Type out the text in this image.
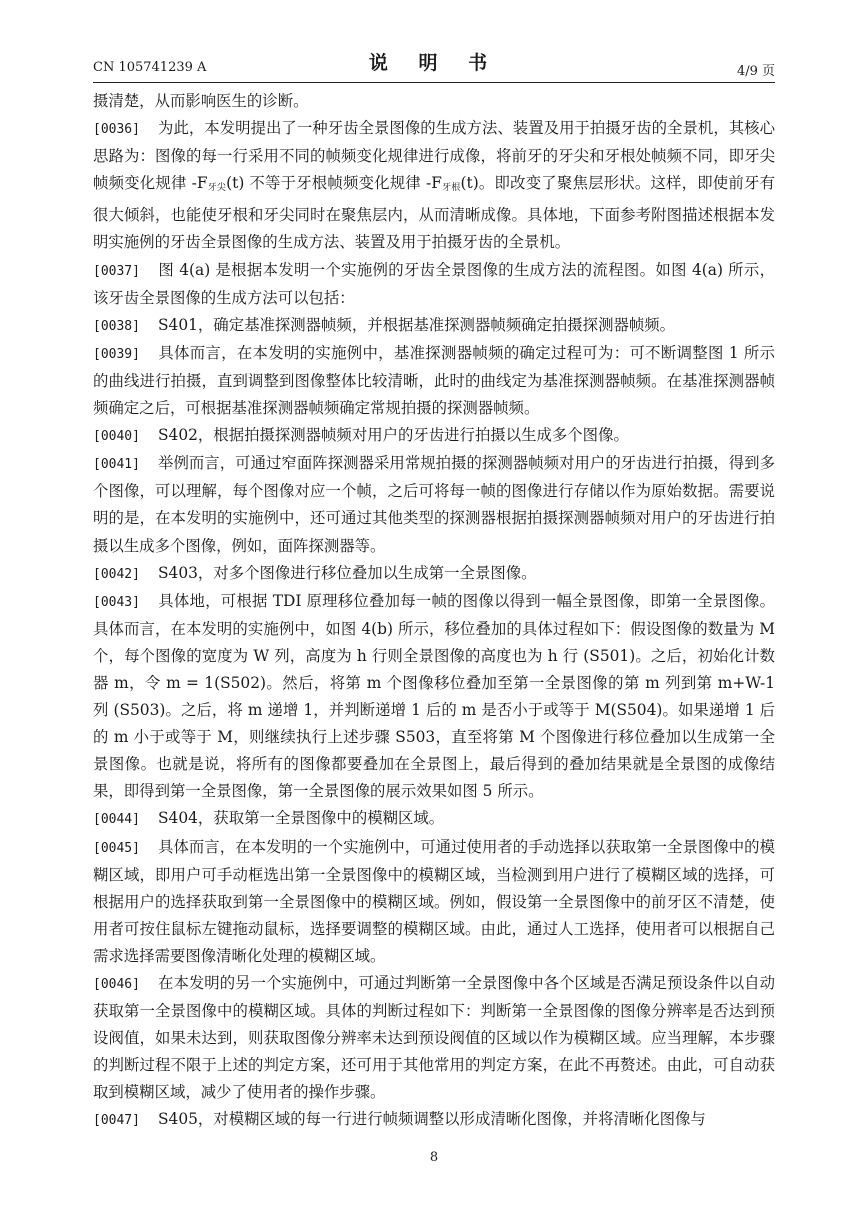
CN 105741239 A	说 明 书	4/9 页

摄清楚，从而影响医生的诊断。

[0036] 为此，本发明提出了一种牙齿全景图像的生成方法、装置及用于拍摄牙齿的全景机，其核心思路为：图像的每一行采用不同的帧频变化规律进行成像，将前牙的牙尖和牙根处帧频不同，即牙尖帧频变化规律 $-F_{牙尖}(t)$ 不等于牙根帧频变化规律 $-F_{牙根}(t)$。即改变了聚焦层形状。这样，即使前牙有很大倾斜，也能使牙根和牙尖同时在聚焦层内，从而清晰成像。具体地，下面参考附图描述根据本发明实施例的牙齿全景图像的生成方法、装置及用于拍摄牙齿的全景机。

[0037] 图 4(a) 是根据本发明一个实施例的牙齿全景图像的生成方法的流程图。如图 4(a) 所示，该牙齿全景图像的生成方法可以包括：

[0038] S401，确定基准探测器帧频，并根据基准探测器帧频确定拍摄探测器帧频。

[0039] 具体而言，在本发明的实施例中，基准探测器帧频的确定过程可为：可不断调整图 1 所示的曲线进行拍摄，直到调整到图像整体比较清晰，此时的曲线定为基准探测器帧频。在基准探测器帧频确定之后，可根据基准探测器帧频确定常规拍摄的探测器帧频。

[0040] S402，根据拍摄探测器帧频对用户的牙齿进行拍摄以生成多个图像。

[0041] 举例而言，可通过窄面阵探测器采用常规拍摄的探测器帧频对用户的牙齿进行拍摄，得到多个图像，可以理解，每个图像对应一个帧，之后可将每一帧的图像进行存储以作为原始数据。需要说明的是，在本发明的实施例中，还可通过其他类型的探测器根据拍摄探测器帧频对用户的牙齿进行拍摄以生成多个图像，例如，面阵探测器等。

[0042] S403，对多个图像进行移位叠加以生成第一全景图像。

[0043] 具体地，可根据 TDI 原理移位叠加每一帧的图像以得到一幅全景图像，即第一全景图像。具体而言，在本发明的实施例中，如图 4(b) 所示，移位叠加的具体过程如下：假设图像的数量为 M 个，每个图像的宽度为 W 列，高度为 h 行则全景图像的高度也为 h 行 (S501)。之后，初始化计数器 m，令 m = 1(S502)。然后，将第 m 个图像移位叠加至第一全景图像的第 m 列到第 m+W-1 列 (S503)。之后，将 m 递增 1，并判断递增 1 后的 m 是否小于或等于 M(S504)。如果递增 1 后的 m 小于或等于 M，则继续执行上述步骤 S503，直至将第 M 个图像进行移位叠加以生成第一全景图像。也就是说，将所有的图像都要叠加在全景图上，最后得到的叠加结果就是全景图的成像结果，即得到第一全景图像，第一全景图像的展示效果如图 5 所示。

[0044] S404，获取第一全景图像中的模糊区域。

[0045] 具体而言，在本发明的一个实施例中，可通过使用者的手动选择以获取第一全景图像中的模糊区域，即用户可手动框选出第一全景图像中的模糊区域，当检测到用户进行了模糊区域的选择，可根据用户的选择获取到第一全景图像中的模糊区域。例如，假设第一全景图像中的前牙区不清楚，使用者可按住鼠标左键拖动鼠标，选择要调整的模糊区域。由此，通过人工选择，使用者可以根据自己需求选择需要图像清晰化处理的模糊区域。

[0046] 在本发明的另一个实施例中，可通过判断第一全景图像中各个区域是否满足预设条件以自动获取第一全景图像中的模糊区域。具体的判断过程如下：判断第一全景图像的图像分辨率是否达到预设阀值，如果未达到，则获取图像分辨率未达到预设阀值的区域以作为模糊区域。应当理解，本步骤的判断过程不限于上述的判定方案，还可用于其他常用的判定方案，在此不再赘述。由此，可自动获取到模糊区域，减少了使用者的操作步骤。

[0047] S405，对模糊区域的每一行进行帧频调整以形成清晰化图像，并将清晰化图像与

8
